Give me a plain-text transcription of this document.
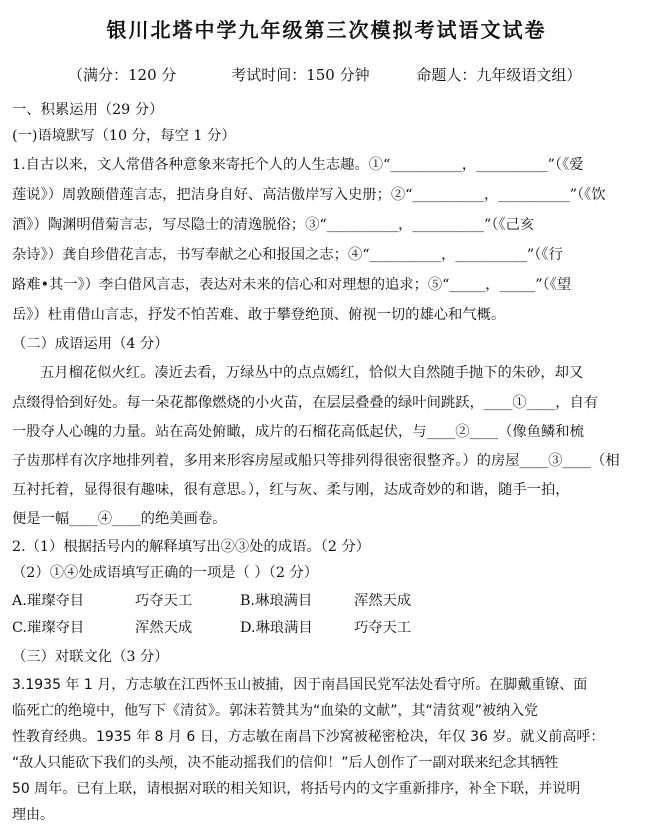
银川北塔中学九年级第三次模拟考试语文试卷
（满分：120 分	考试时间：150 分钟	命题人：九年级语文组）
一、积累运用（29 分）
(一)语境默写（10 分，每空 1 分）
1.自古以来，文人常借各种意象来寄托个人的人生志趣。①“__________，__________”（《爱
莲说》）周敦颐借莲言志，把洁身自好、高洁傲岸写入史册；②“__________，__________”（《饮
酒》）陶渊明借菊言志，写尽隐士的清逸脱俗；③“__________，__________”（《己亥
杂诗》）龚自珍借花言志，书写奉献之心和报国之志；④“__________，__________”（《行
路难•其一》）李白借风言志，表达对未来的信心和对理想的追求；⑤“_____，_____”（《望
岳》）杜甫借山言志，抒发不怕苦难、敢于攀登绝顶、俯视一切的雄心和气概。
（二）成语运用（4 分）
五月榴花似火红。凑近去看，万绿丛中的点点嫣红，恰似大自然随手抛下的朱砂，却又
点缀得恰到好处。每一朵花都像燃烧的小火苗，在层层叠叠的绿叶间跳跃，____①____，自有
一股夺人心魄的力量。站在高处俯瞰，成片的石榴花高低起伏，与____②____（像鱼鳞和梳
子齿那样有次序地排列着，多用来形容房屋或船只等排列得很密很整齐。）的房屋____③____（相
互衬托着，显得很有趣味，很有意思。），红与灰、柔与刚，达成奇妙的和谐，随手一拍，
便是一幅____④____的绝美画卷。
2.（1）根据括号内的解释填写出②③处的成语。（2 分）
（2）①④处成语填写正确的一项是（ ）（2 分）
A.璀璨夺目	巧夺天工	B.琳琅满目	浑然天成
C.璀璨夺目	浑然天成	D.琳琅满目	巧夺天工
（三）对联文化（3 分）
3.1935 年 1 月，方志敏在江西怀玉山被捕，因于南昌国民党军法处看守所。在脚戴重镣、面
临死亡的绝境中，他写下《清贫》。郭沫若赞其为“血染的文献”，其“清贫观”被纳入党
性教育经典。1935 年 8 月 6 日，方志敏在南昌下沙窝被秘密枪决，年仅 36 岁。就义前高呼：
“敌人只能砍下我们的头颅，决不能动摇我们的信仰！”后人创作了一副对联来纪念其牺牲
50 周年。已有上联，请根据对联的相关知识，将括号内的文字重新排序，补全下联，并说明
理由。
